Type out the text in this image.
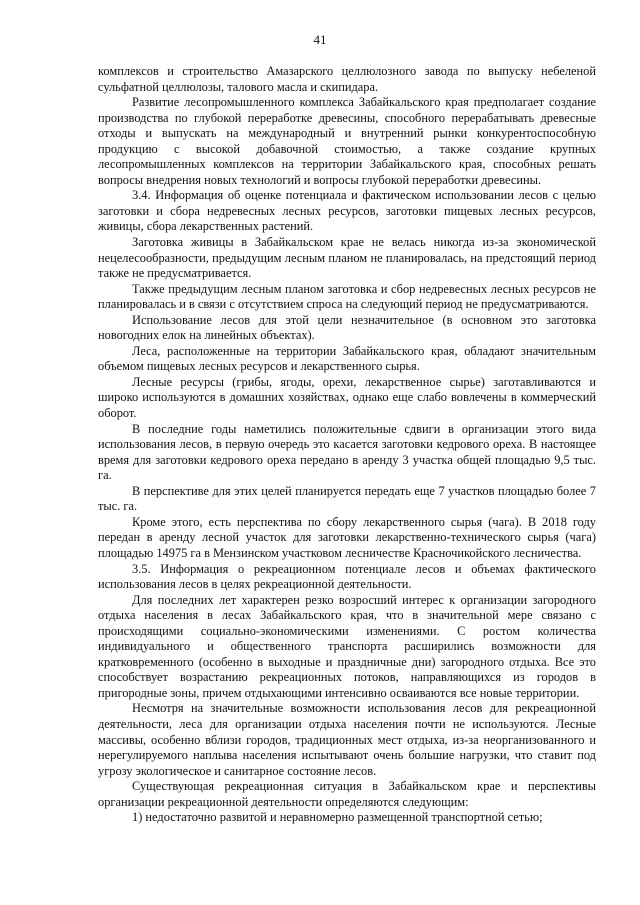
41

комплексов и строительство Амазарского целлюлозного завода по выпуску небеленой сульфатной целлюлозы, талового масла и скипидара.

Развитие лесопромышленного комплекса Забайкальского края предполагает создание производства по глубокой переработке древесины, способного перерабатывать древесные отходы и выпускать на международный и внутренний рынки конкурентоспособную продукцию с высокой добавочной стоимостью, а также создание крупных лесопромышленных комплексов на территории Забайкальского края, способных решать вопросы внедрения новых технологий и вопросы глубокой переработки древесины.

3.4. Информация об оценке потенциала и фактическом использовании лесов с целью заготовки и сбора недревесных лесных ресурсов, заготовки пищевых лесных ресурсов, живицы, сбора лекарственных растений.

Заготовка живицы в Забайкальском крае не велась никогда из-за экономической нецелесообразности, предыдущим лесным планом не планировалась, на предстоящий период также не предусматривается.

Также предыдущим лесным планом заготовка и сбор недревесных лесных ресурсов не планировалась и в связи с отсутствием спроса на следующий период не предусматриваются.

Использование лесов для этой цели незначительное (в основном это заготовка новогодних елок на линейных объектах).

Леса, расположенные на территории Забайкальского края, обладают значительным объемом пищевых лесных ресурсов и лекарственного сырья.

Лесные ресурсы (грибы, ягоды, орехи, лекарственное сырье) заготавливаются и широко используются в домашних хозяйствах, однако еще слабо вовлечены в коммерческий оборот.

В последние годы наметились положительные сдвиги в организации этого вида использования лесов, в первую очередь это касается заготовки кедрового ореха. В настоящее время для заготовки кедрового ореха передано в аренду 3 участка общей площадью 9,5 тыс. га.

В перспективе для этих целей планируется передать еще 7 участков площадью более 7 тыс. га.

Кроме этого, есть перспектива по сбору лекарственного сырья (чага). В 2018 году передан в аренду лесной участок для заготовки лекарственно-технического сырья (чага) площадью 14975 га в Мензинском участковом лесничестве Красночикойского лесничества.

3.5. Информация о рекреационном потенциале лесов и объемах фактического использования лесов в целях рекреационной деятельности.

Для последних лет характерен резко возросший интерес к организации загородного отдыха населения в лесах Забайкальского края, что в значительной мере связано с происходящими социально-экономическими изменениями. С ростом количества индивидуального и общественного транспорта расширились возможности для кратковременного (особенно в выходные и праздничные дни) загородного отдыха. Все это способствует возрастанию рекреационных потоков, направляющихся из городов в пригородные зоны, причем отдыхающими интенсивно осваиваются все новые территории.

Несмотря на значительные возможности использования лесов для рекреационной деятельности, леса для организации отдыха населения почти не используются. Лесные массивы, особенно вблизи городов, традиционных мест отдыха, из-за неорганизованного и нерегулируемого наплыва населения испытывают очень большие нагрузки, что ставит под угрозу экологическое и санитарное состояние лесов.

Существующая рекреационная ситуация в Забайкальском крае и перспективы организации рекреационной деятельности определяются следующим:

1) недостаточно развитой и неравномерно размещенной транспортной сетью;
